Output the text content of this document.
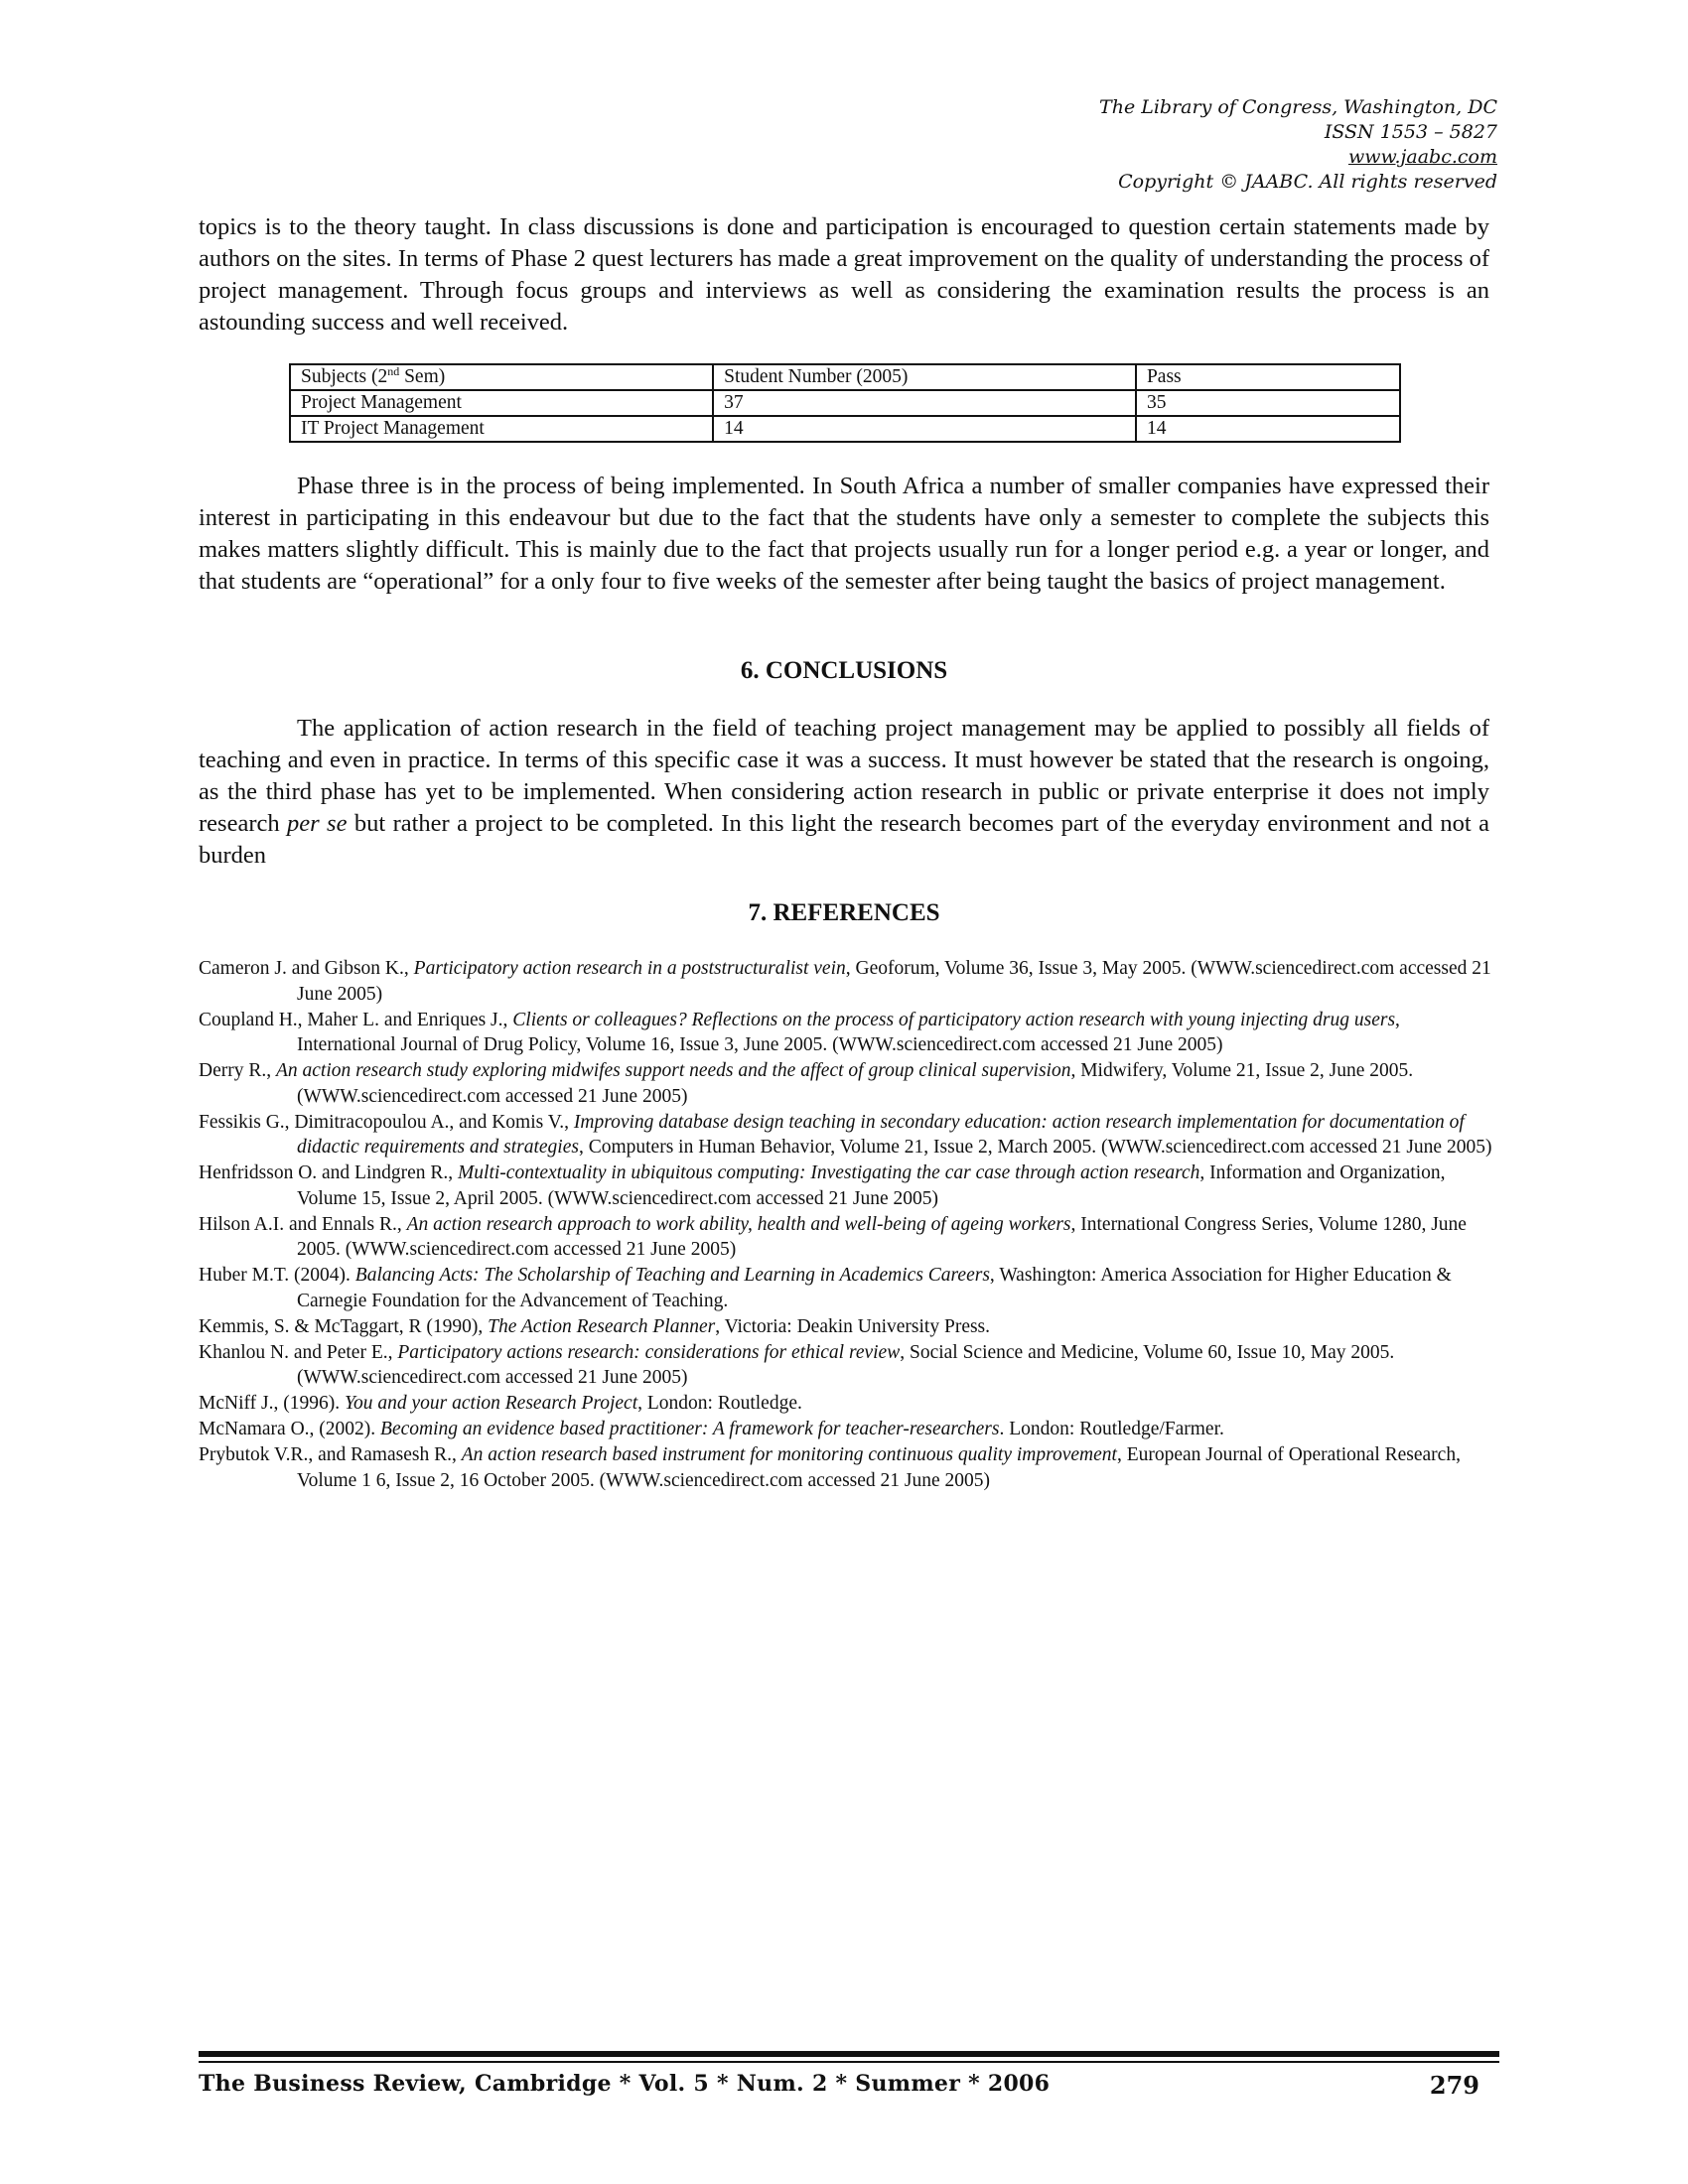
The Library of Congress, Washington, DC
ISSN 1553 – 5827
www.jaabc.com
Copyright © JAABC. All rights reserved
topics is to the theory taught. In class discussions is done and participation is encouraged to question certain statements made by authors on the sites. In terms of Phase 2 quest lecturers has made a great improvement on the quality of understanding the process of project management. Through focus groups and interviews as well as considering the examination results the process is an astounding success and well received.
Subjects (2nd Sem)	Student Number (2005)	Pass
Project Management	37	35
IT Project Management	14	14
Phase three is in the process of being implemented. In South Africa a number of smaller companies have expressed their interest in participating in this endeavour but due to the fact that the students have only a semester to complete the subjects this makes matters slightly difficult. This is mainly due to the fact that projects usually run for a longer period e.g. a year or longer, and that students are “operational” for a only four to five weeks of the semester after being taught the basics of project management.
6. CONCLUSIONS
The application of action research in the field of teaching project management may be applied to possibly all fields of teaching and even in practice. In terms of this specific case it was a success. It must however be stated that the research is ongoing, as the third phase has yet to be implemented. When considering action research in public or private enterprise it does not imply research per se but rather a project to be completed. In this light the research becomes part of the everyday environment and not a burden
7. REFERENCES
Cameron J. and Gibson K., Participatory action research in a poststructuralist vein, Geoforum, Volume 36, Issue 3, May 2005. (WWW.sciencedirect.com accessed 21 June 2005)
Coupland H., Maher L. and Enriques J., Clients or colleagues? Reflections on the process of participatory action research with young injecting drug users, International Journal of Drug Policy, Volume 16, Issue 3, June 2005. (WWW.sciencedirect.com accessed 21 June 2005)
Derry R., An action research study exploring midwifes support needs and the affect of group clinical supervision, Midwifery, Volume 21, Issue 2, June 2005. (WWW.sciencedirect.com accessed 21 June 2005)
Fessikis G., Dimitracopoulou A., and Komis V., Improving database design teaching in secondary education: action research implementation for documentation of didactic requirements and strategies, Computers in Human Behavior, Volume 21, Issue 2, March 2005. (WWW.sciencedirect.com accessed 21 June 2005)
Henfridsson O. and Lindgren R., Multi-contextuality in ubiquitous computing: Investigating the car case through action research, Information and Organization, Volume 15, Issue 2, April 2005. (WWW.sciencedirect.com accessed 21 June 2005)
Hilson A.I. and Ennals R., An action research approach to work ability, health and well-being of ageing workers, International Congress Series, Volume 1280, June 2005. (WWW.sciencedirect.com accessed 21 June 2005)
Huber M.T. (2004). Balancing Acts: The Scholarship of Teaching and Learning in Academics Careers, Washington: America Association for Higher Education & Carnegie Foundation for the Advancement of Teaching.
Kemmis, S. & McTaggart, R (1990), The Action Research Planner, Victoria: Deakin University Press.
Khanlou N. and Peter E., Participatory actions research: considerations for ethical review, Social Science and Medicine, Volume 60, Issue 10, May 2005. (WWW.sciencedirect.com accessed 21 June 2005)
McNiff J., (1996). You and your action Research Project, London: Routledge.
McNamara O., (2002). Becoming an evidence based practitioner: A framework for teacher-researchers. London: Routledge/Farmer.
Prybutok V.R., and Ramasesh R., An action research based instrument for monitoring continuous quality improvement, European Journal of Operational Research, Volume 1 6, Issue 2, 16 October 2005. (WWW.sciencedirect.com accessed 21 June 2005)
The Business Review, Cambridge * Vol. 5 * Num. 2 * Summer * 2006	279
